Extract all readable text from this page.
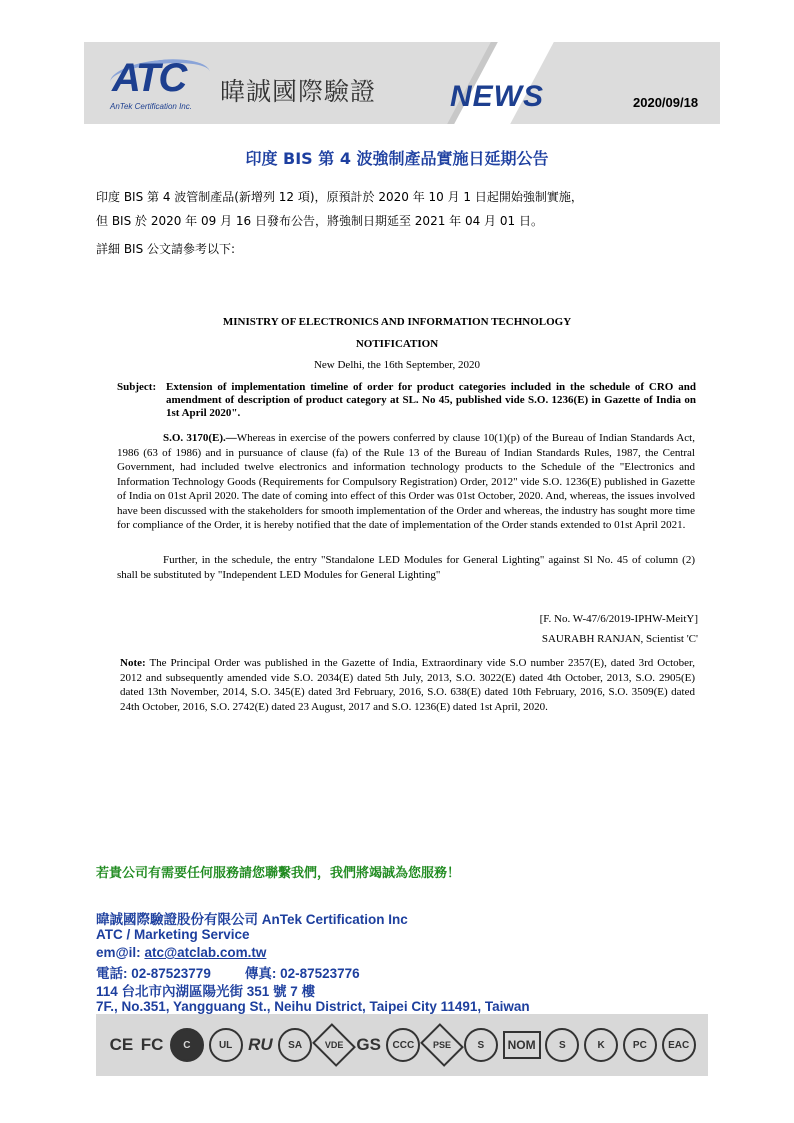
ATC
AnTek Certification Inc.
暐誠國際驗證 NEWS	2020/09/18
印度 BIS 第 4 波強制產品實施日延期公告
印度 BIS 第 4 波管制產品(新增列 12 項)，原預計於 2020 年 10 月 1 日起開始強制實施，
但 BIS 於 2020 年 09 月 16 日發布公告，將強制日期延至 2021 年 04 月 01 日。
詳細 BIS 公文請參考以下:
MINISTRY OF ELECTRONICS AND INFORMATION TECHNOLOGY
NOTIFICATION
New Delhi, the 16th September, 2020
Subject: Extension of implementation timeline of order for product categories included in the schedule of CRO and amendment of description of product category at SL. No 45, published vide S.O. 1236(E) in Gazette of India on 1st April 2020".
S.O. 3170(E).—Whereas in exercise of the powers conferred by clause 10(1)(p) of the Bureau of Indian Standards Act, 1986 (63 of 1986) and in pursuance of clause (fa) of the Rule 13 of the Bureau of Indian Standards Rules, 1987, the Central Government, had included twelve electronics and information technology products to the Schedule of the "Electronics and Information Technology Goods (Requirements for Compulsory Registration) Order, 2012" vide S.O. 1236(E) published in Gazette of India on 01st April 2020. The date of coming into effect of this Order was 01st October, 2020. And, whereas, the issues involved have been discussed with the stakeholders for smooth implementation of the Order and whereas, the industry has sought more time for compliance of the Order, it is hereby notified that the date of implementation of the Order stands extended to 01st April 2021.
Further, in the schedule, the entry "Standalone LED Modules for General Lighting" against Sl No. 45 of column (2) shall be substituted by "Independent LED Modules for General Lighting"
[F. No. W-47/6/2019-IPHW-MeitY]
SAURABH RANJAN, Scientist 'C'
Note: The Principal Order was published in the Gazette of India, Extraordinary vide S.O number 2357(E), dated 3rd October, 2012 and subsequently amended vide S.O. 2034(E) dated 5th July, 2013, S.O. 3022(E) dated 4th October, 2013, S.O. 2905(E) dated 13th November, 2014, S.O. 345(E) dated 3rd February, 2016, S.O. 638(E) dated 10th February, 2016, S.O. 3509(E) dated 24th October, 2016, S.O. 2742(E) dated 23 August, 2017 and S.O. 1236(E) dated 1st April, 2020.
若貴公司有需要任何服務請您聯繫我們，我們將竭誠為您服務！
暐誠國際驗證股份有限公司 AnTek Certification Inc
ATC / Marketing Service
em@il: atc@atclab.com.tw
電話: 02-87523779	傳真: 02-87523776
114 台北市內湖區陽光街 351 號 7 樓
7F., No.351, Yangguang St., Neihu District, Taipei City 11491, Taiwan
CE FC	C	UL RU	SA	VDE GS	CCC	PSE	S	NOM	S	K	PC	EAC
